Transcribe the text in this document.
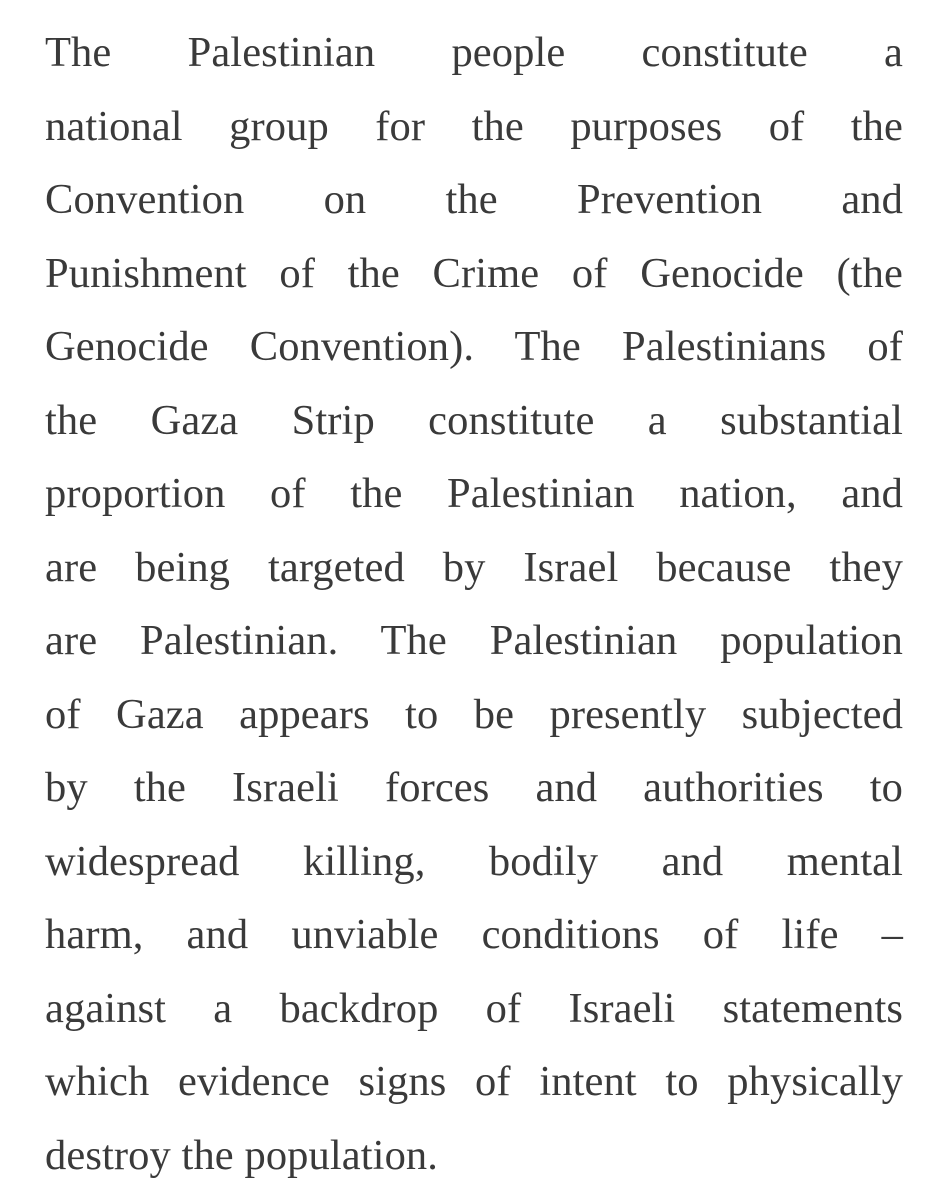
The Palestinian people constitute a
national group for the purposes of the
Convention on the Prevention and
Punishment of the Crime of Genocide (the
Genocide Convention). The Palestinians of
the Gaza Strip constitute a substantial
proportion of the Palestinian nation, and
are being targeted by Israel because they
are Palestinian. The Palestinian population
of Gaza appears to be presently subjected
by the Israeli forces and authorities to
widespread killing, bodily and mental
harm, and unviable conditions of life –
against a backdrop of Israeli statements
which evidence signs of intent to physically
destroy the population.
